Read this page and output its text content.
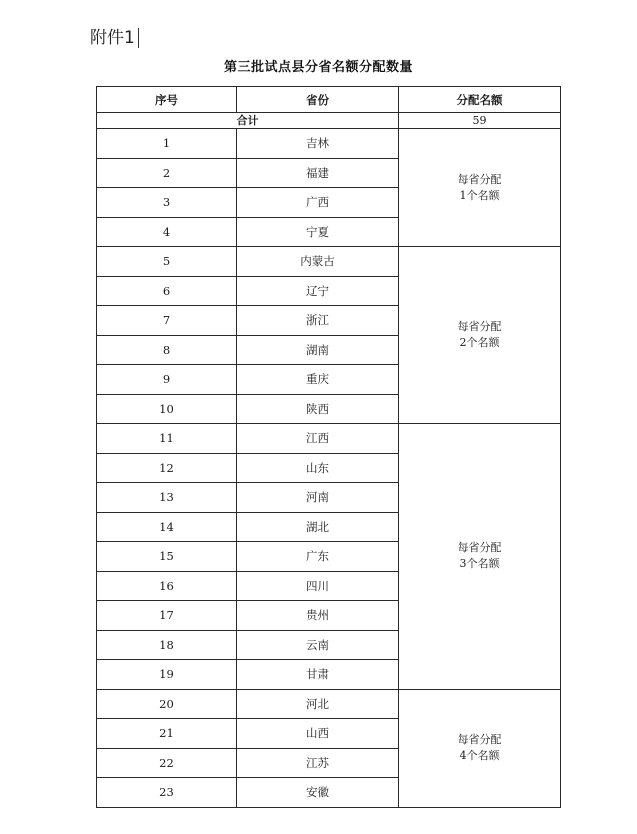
附件1
第三批试点县分省名额分配数量
序号	省份	分配名额
合计		59
1	吉林	每省分配
1个名额
2	福建	
3	广西	
4	宁夏	
5	内蒙古	每省分配
2个名额
6	辽宁	
7	浙江	
8	湖南	
9	重庆	
10	陕西	
11	江西	每省分配
3个名额
12	山东	
13	河南	
14	湖北	
15	广东	
16	四川	
17	贵州	
18	云南	
19	甘肃	
20	河北	每省分配
4个名额
21	山西	
22	江苏	
23	安徽	
